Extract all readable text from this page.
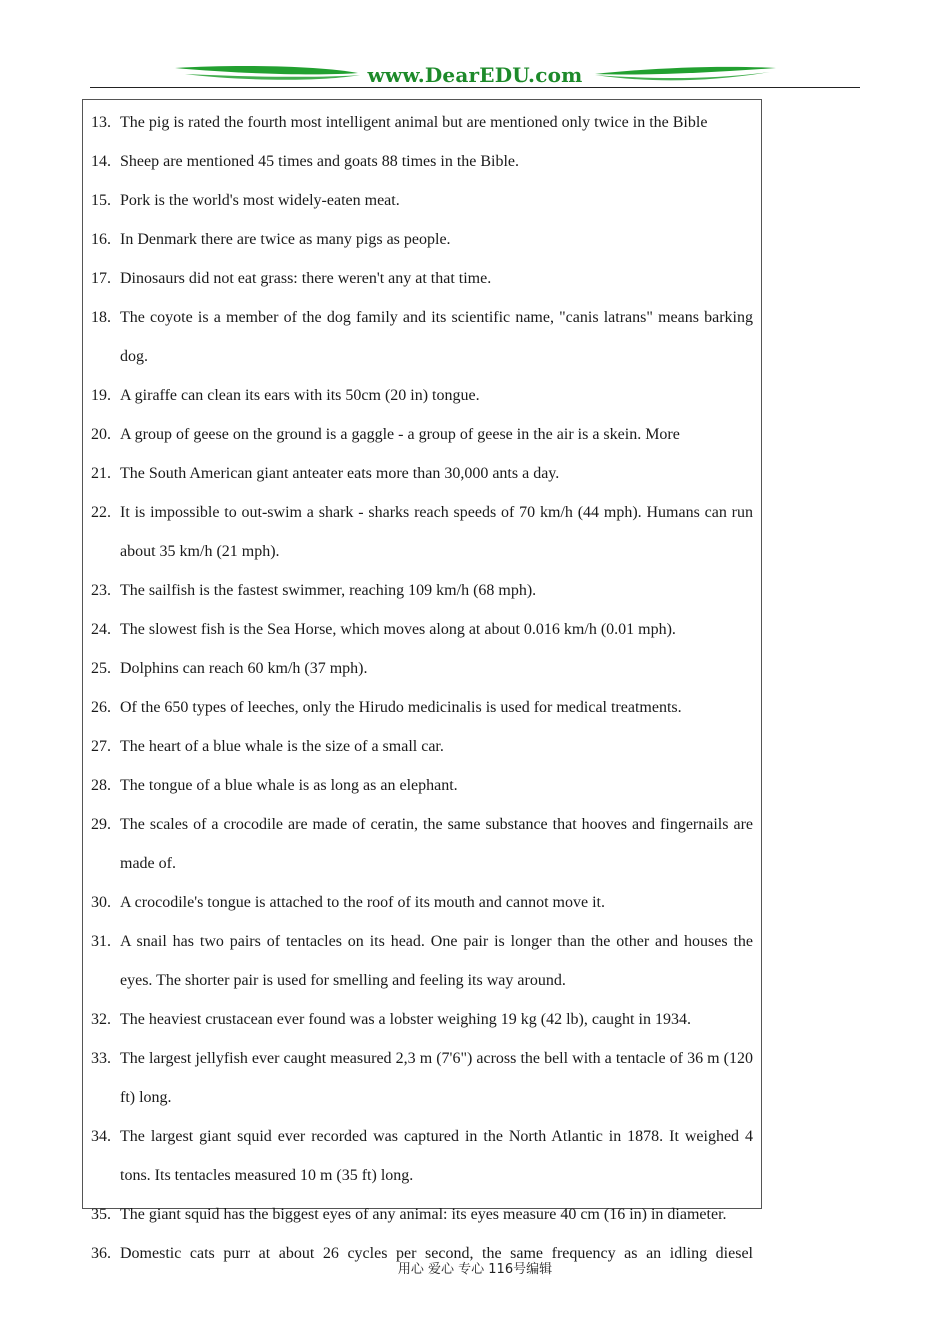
www.DearEDU.com
13. The pig is rated the fourth most intelligent animal but are mentioned only twice in the Bible
14. Sheep are mentioned 45 times and goats 88 times in the Bible.
15. Pork is the world's most widely-eaten meat.
16. In Denmark there are twice as many pigs as people.
17. Dinosaurs did not eat grass: there weren't any at that time.
18. The coyote is a member of the dog family and its scientific name, "canis latrans" means barking dog.
19. A giraffe can clean its ears with its 50cm (20 in) tongue.
20. A group of geese on the ground is a gaggle - a group of geese in the air is a skein. More
21. The South American giant anteater eats more than 30,000 ants a day.
22. It is impossible to out-swim a shark - sharks reach speeds of 70 km/h (44 mph). Humans can run about 35 km/h (21 mph).
23. The sailfish is the fastest swimmer, reaching 109 km/h (68 mph).
24. The slowest fish is the Sea Horse, which moves along at about 0.016 km/h (0.01 mph).
25. Dolphins can reach 60 km/h (37 mph).
26. Of the 650 types of leeches, only the Hirudo medicinalis is used for medical treatments.
27. The heart of a blue whale is the size of a small car.
28. The tongue of a blue whale is as long as an elephant.
29. The scales of a crocodile are made of ceratin, the same substance that hooves and fingernails are made of.
30. A crocodile's tongue is attached to the roof of its mouth and cannot move it.
31. A snail has two pairs of tentacles on its head. One pair is longer than the other and houses the eyes. The shorter pair is used for smelling and feeling its way around.
32. The heaviest crustacean ever found was a lobster weighing 19 kg (42 lb), caught in 1934.
33. The largest jellyfish ever caught measured 2,3 m (7'6") across the bell with a tentacle of 36 m (120 ft) long.
34. The largest giant squid ever recorded was captured in the North Atlantic in 1878. It weighed 4 tons. Its tentacles measured 10 m (35 ft) long.
35. The giant squid has the biggest eyes of any animal: its eyes measure 40 cm (16 in) in diameter.
36. Domestic cats purr at about 26 cycles per second, the same frequency as an idling diesel
用心 爱心 专心 116号编辑
